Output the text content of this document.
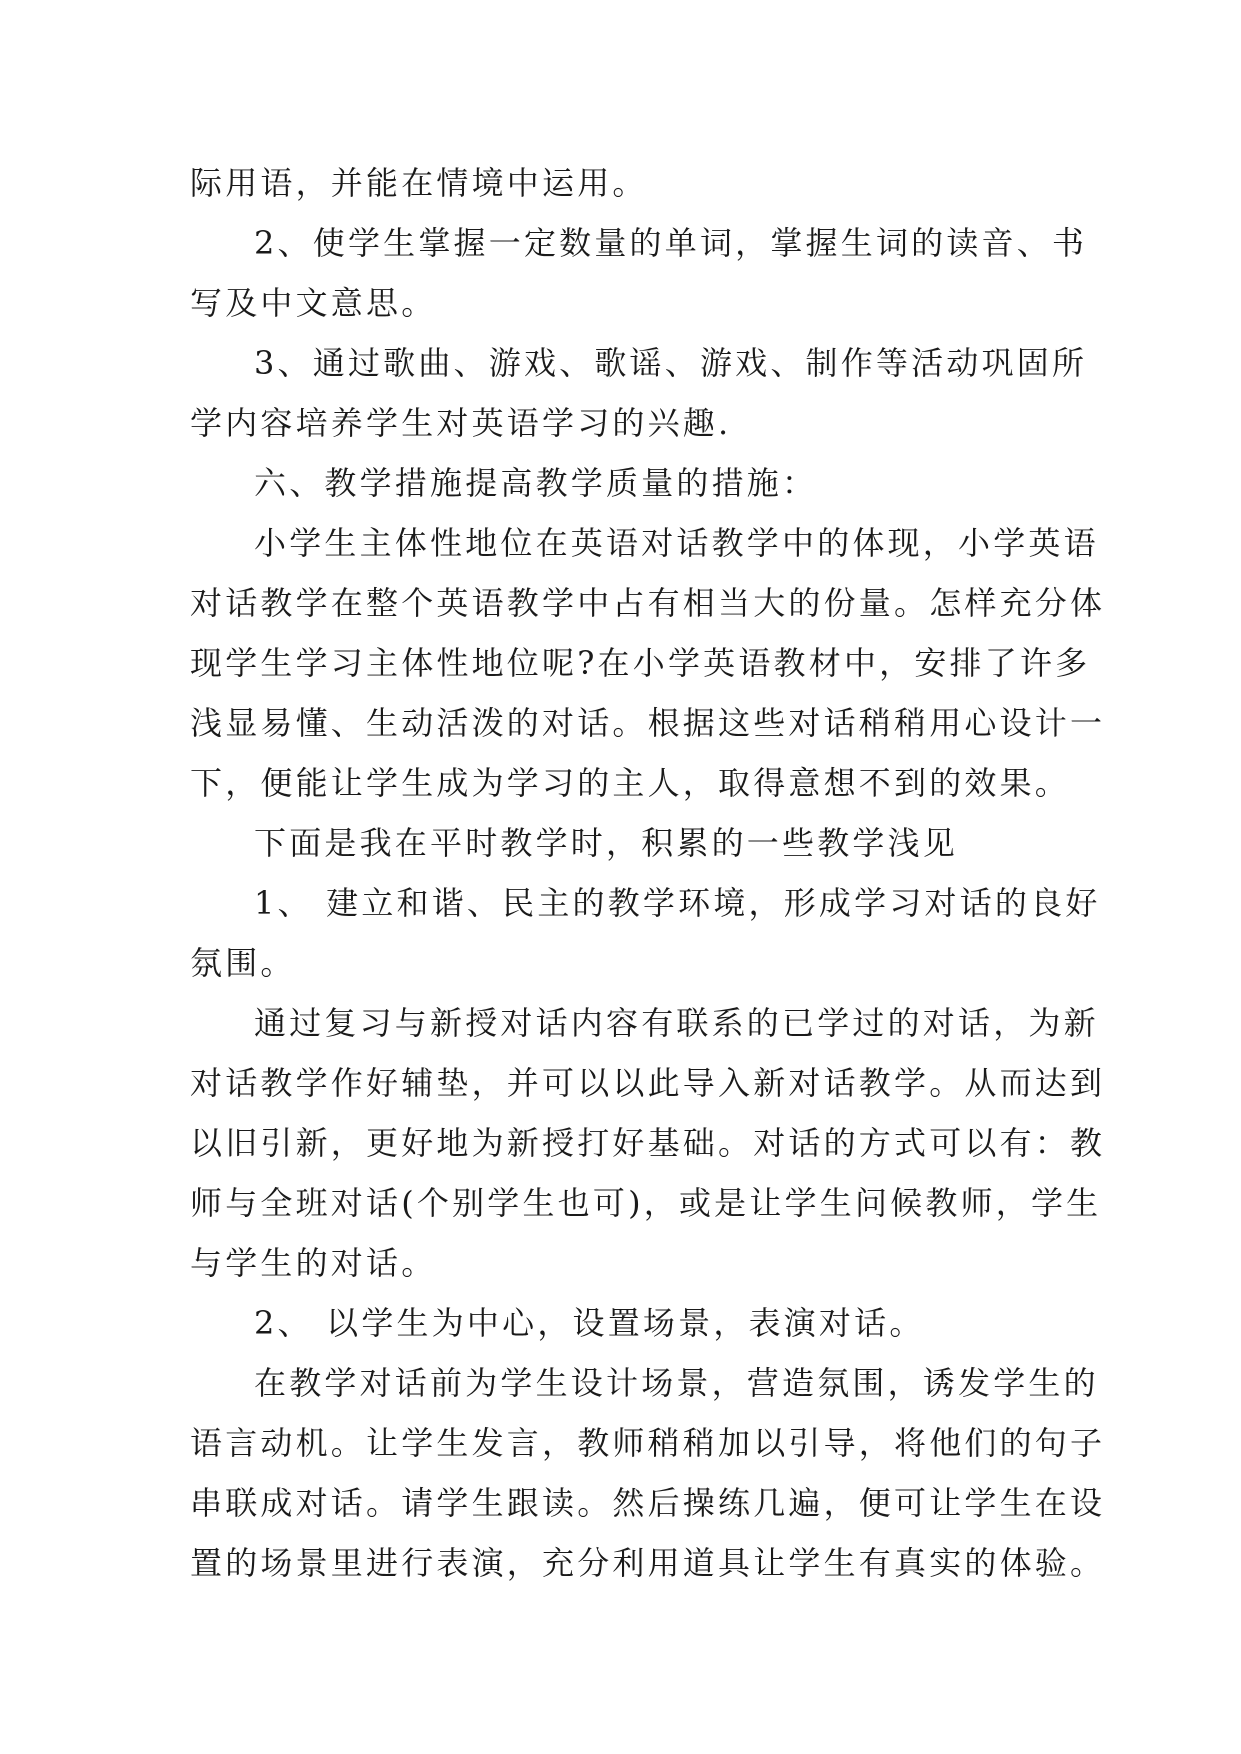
际用语，并能在情境中运用。
2、使学生掌握一定数量的单词，掌握生词的读音、书
写及中文意思。
3、通过歌曲、游戏、歌谣、游戏、制作等活动巩固所
学内容培养学生对英语学习的兴趣.
六、教学措施提高教学质量的措施：
小学生主体性地位在英语对话教学中的体现，小学英语
对话教学在整个英语教学中占有相当大的份量。怎样充分体
现学生学习主体性地位呢?在小学英语教材中，安排了许多
浅显易懂、生动活泼的对话。根据这些对话稍稍用心设计一
下，便能让学生成为学习的主人，取得意想不到的效果。
下面是我在平时教学时，积累的一些教学浅见
1、 建立和谐、民主的教学环境，形成学习对话的良好
氛围。
通过复习与新授对话内容有联系的已学过的对话，为新
对话教学作好辅垫，并可以以此导入新对话教学。从而达到
以旧引新，更好地为新授打好基础。对话的方式可以有：教
师与全班对话(个别学生也可)，或是让学生问候教师，学生
与学生的对话。
2、 以学生为中心，设置场景，表演对话。
在教学对话前为学生设计场景，营造氛围，诱发学生的
语言动机。让学生发言，教师稍稍加以引导，将他们的句子
串联成对话。请学生跟读。然后操练几遍，便可让学生在设
置的场景里进行表演，充分利用道具让学生有真实的体验。
